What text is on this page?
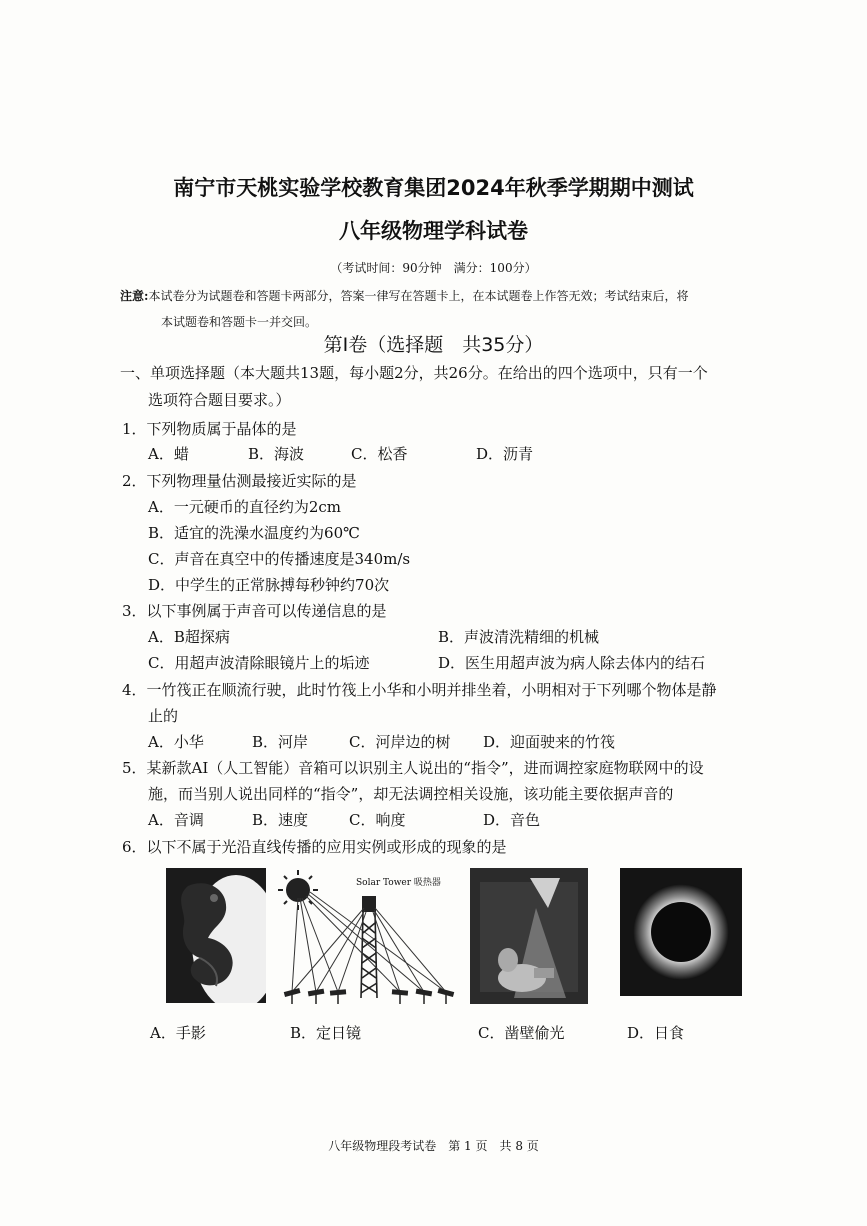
南宁市天桃实验学校教育集团2024年秋季学期期中测试
八年级物理学科试卷
（考试时间：90分钟　满分：100分）
注意:本试卷分为试题卷和答题卡两部分，答案一律写在答题卡上，在本试题卷上作答无效；考试结束后，将
本试题卷和答题卡一并交回。
第Ⅰ卷（选择题　共35分）
一、单项选择题（本大题共13题，每小题2分，共26分。在给出的四个选项中，只有一个
选项符合题目要求。）
1．下列物质属于晶体的是
A．蜡	B．海波	C．松香	D．沥青
2．下列物理量估测最接近实际的是
A．一元硬币的直径约为2cm
B．适宜的洗澡水温度约为60℃
C．声音在真空中的传播速度是340m/s
D．中学生的正常脉搏每秒钟约70次
3．以下事例属于声音可以传递信息的是
A．B超探病	B．声波清洗精细的机械
C．用超声波清除眼镜片上的垢迹	D．医生用超声波为病人除去体内的结石
4．一竹筏正在顺流行驶，此时竹筏上小华和小明并排坐着，小明相对于下列哪个物体是静
止的
A．小华	B．河岸	C．河岸边的树 D．迎面驶来的竹筏
5．某新款AI（人工智能）音箱可以识别主人说出的“指令”，进而调控家庭物联网中的设
施，而当别人说出同样的“指令”，却无法调控相关设施，该功能主要依据声音的
A．音调	B．速度	C．响度	D．音色
6．以下不属于光沿直线传播的应用实例或形成的现象的是
Solar Tower 吸热器
A．手影	B．定日镜	C．凿壁偷光	D．日食
八年级物理段考试卷　第 1 页　共 8 页
